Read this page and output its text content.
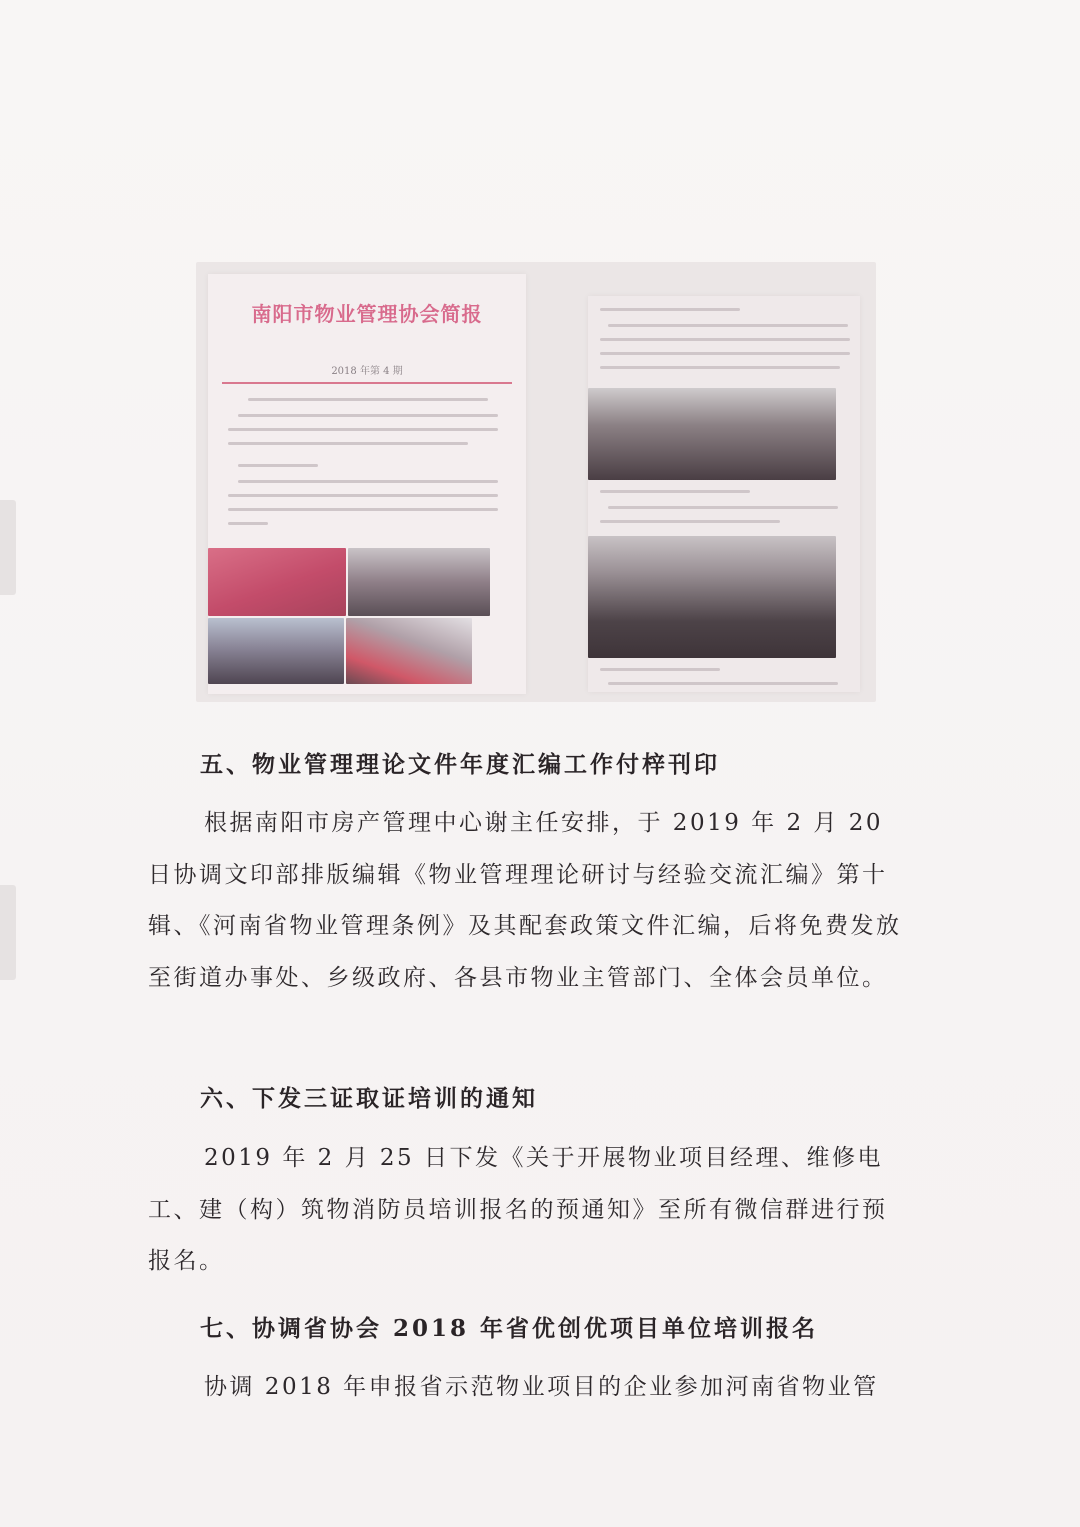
南阳市物业管理协会简报
2018 年第 4 期
五、物业管理理论文件年度汇编工作付梓刊印
根据南阳市房产管理中心谢主任安排，于 2019 年 2 月 20 日协调文印部排版编辑《物业管理理论研讨与经验交流汇编》第十辑、《河南省物业管理条例》及其配套政策文件汇编，后将免费发放至街道办事处、乡级政府、各县市物业主管部门、全体会员单位。
六、下发三证取证培训的通知
2019 年 2 月 25 日下发《关于开展物业项目经理、维修电工、建（构）筑物消防员培训报名的预通知》至所有微信群进行预报名。
七、协调省协会 2018 年省优创优项目单位培训报名
协调 2018 年申报省示范物业项目的企业参加河南省物业管
